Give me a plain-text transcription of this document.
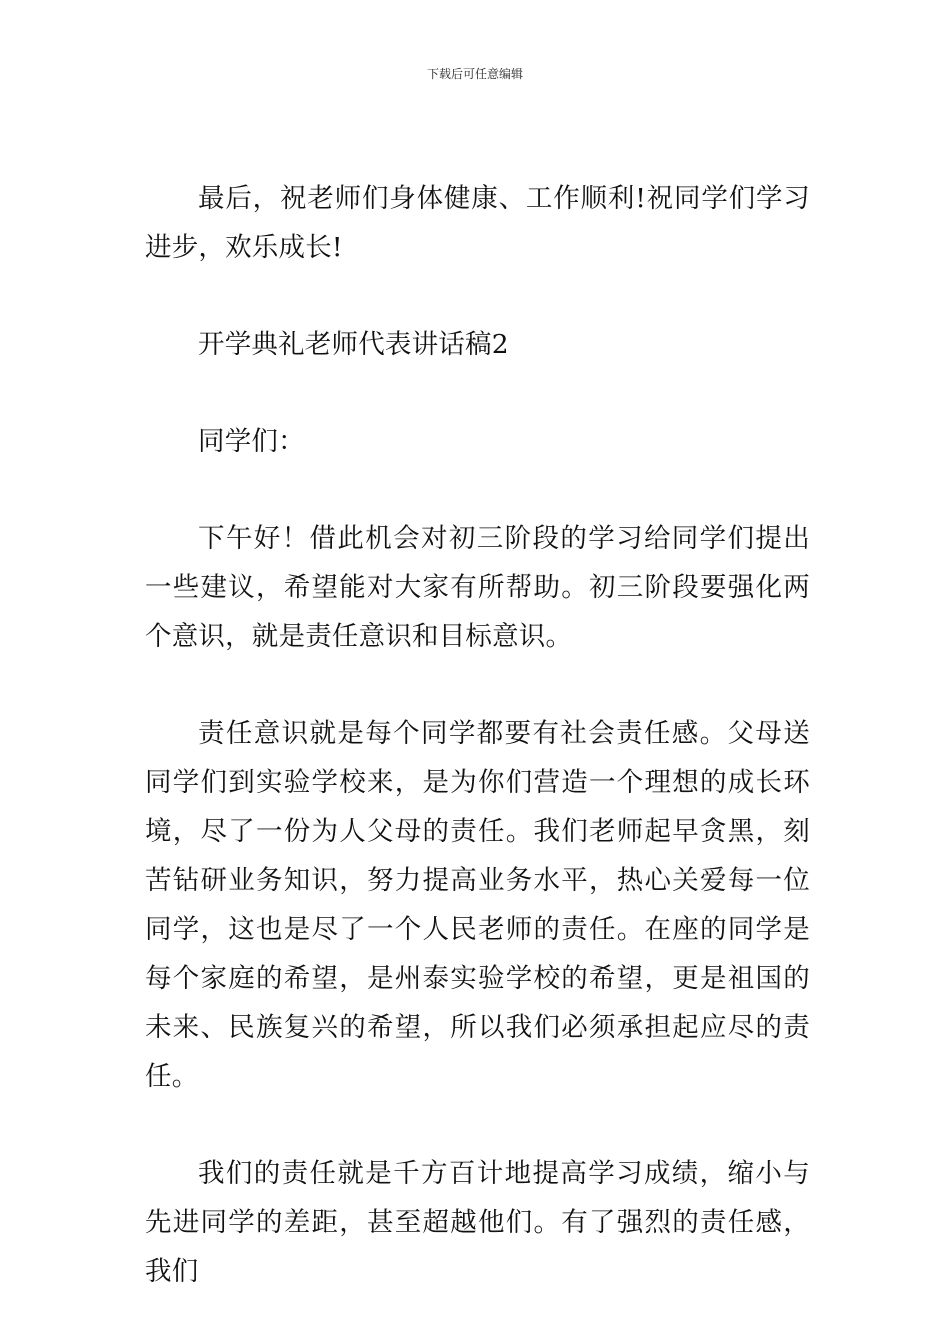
下载后可任意编辑

最后，祝老师们身体健康、工作顺利!祝同学们学习进步，欢乐成长!

开学典礼老师代表讲话稿2

同学们：

下午好！借此机会对初三阶段的学习给同学们提出一些建议，希望能对大家有所帮助。初三阶段要强化两个意识，就是责任意识和目标意识。

责任意识就是每个同学都要有社会责任感。父母送同学们到实验学校来，是为你们营造一个理想的成长环境，尽了一份为人父母的责任。我们老师起早贪黑，刻苦钻研业务知识，努力提高业务水平，热心关爱每一位同学，这也是尽了一个人民老师的责任。在座的同学是每个家庭的希望，是州泰实验学校的希望，更是祖国的未来、民族复兴的希望，所以我们必须承担起应尽的责任。

我们的责任就是千方百计地提高学习成绩，缩小与先进同学的差距，甚至超越他们。有了强烈的责任感，我们
